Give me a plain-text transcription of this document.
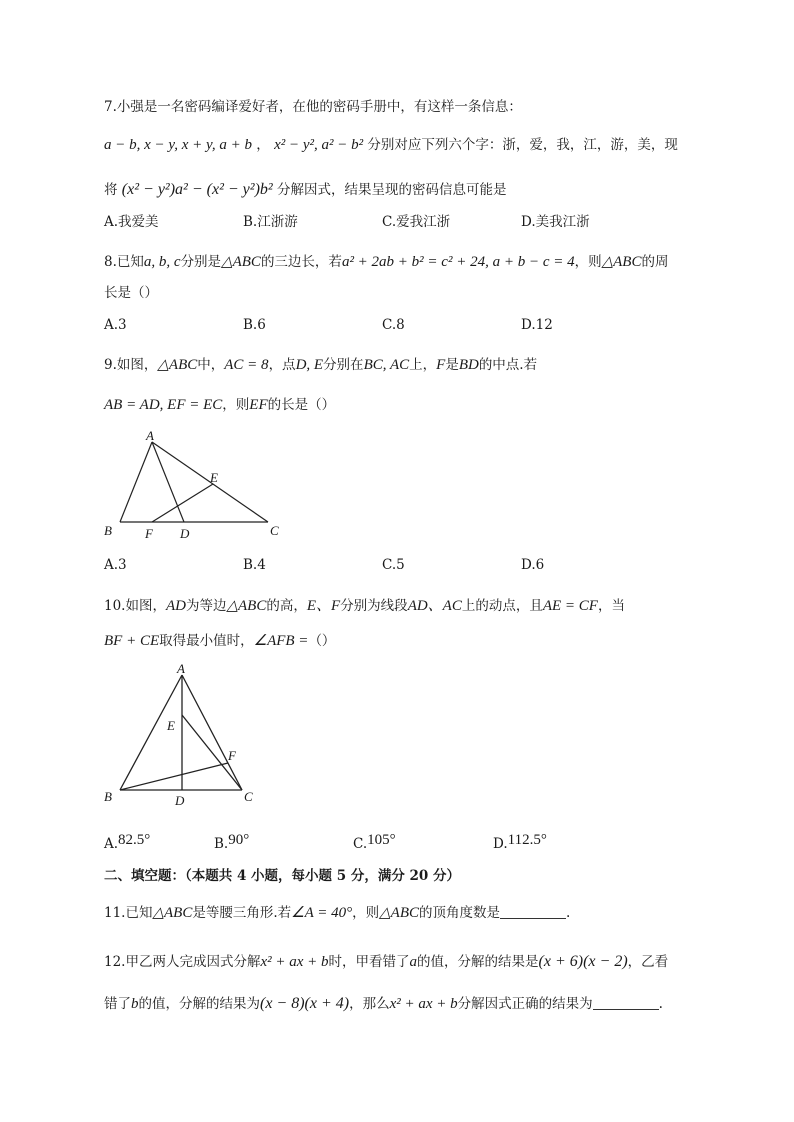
7.小强是一名密码编译爱好者，在他的密码手册中，有这样一条信息：
a − b, x − y, x + y, a + b ， x² − y², a² − b² 分别对应下列六个字：浙，爱，我，江，游，美，现
将 (x² − y²)a² − (x² − y²)b² 分解因式，结果呈现的密码信息可能是
A.我爱美	B.江浙游	C.爱我江浙	D.美我江浙
8.已知a, b, c分别是△ABC的三边长，若a² + 2ab + b² = c² + 24, a + b − c = 4，则△ABC的周
长是（）
A.3	B.6	C.8	D.12
9.如图，△ABC中，AC = 8，点D, E分别在BC, AC上，F是BD的中点.若
AB = AD, EF = EC，则EF的长是（）
A
B	C
D
E
F
A.3	B.4	C.5	D.6
10.如图，AD为等边△ABC的高，E、F分别为线段AD、AC上的动点，且AE = CF，当
BF + CE取得最小值时，∠AFB =（）
A
B	C
D
E
F
A.82.5°	B.90°	C.105°	D.112.5°
二、填空题：（本题共 4 小题，每小题 5 分，满分 20 分）
11.已知△ABC是等腰三角形.若∠A = 40°，则△ABC的顶角度数是	.
12.甲乙两人完成因式分解x² + ax + b时，甲看错了a的值，分解的结果是(x + 6)(x − 2)，乙看
错了b的值，分解的结果为(x − 8)(x + 4)，那么x² + ax + b分解因式正确的结果为	.
